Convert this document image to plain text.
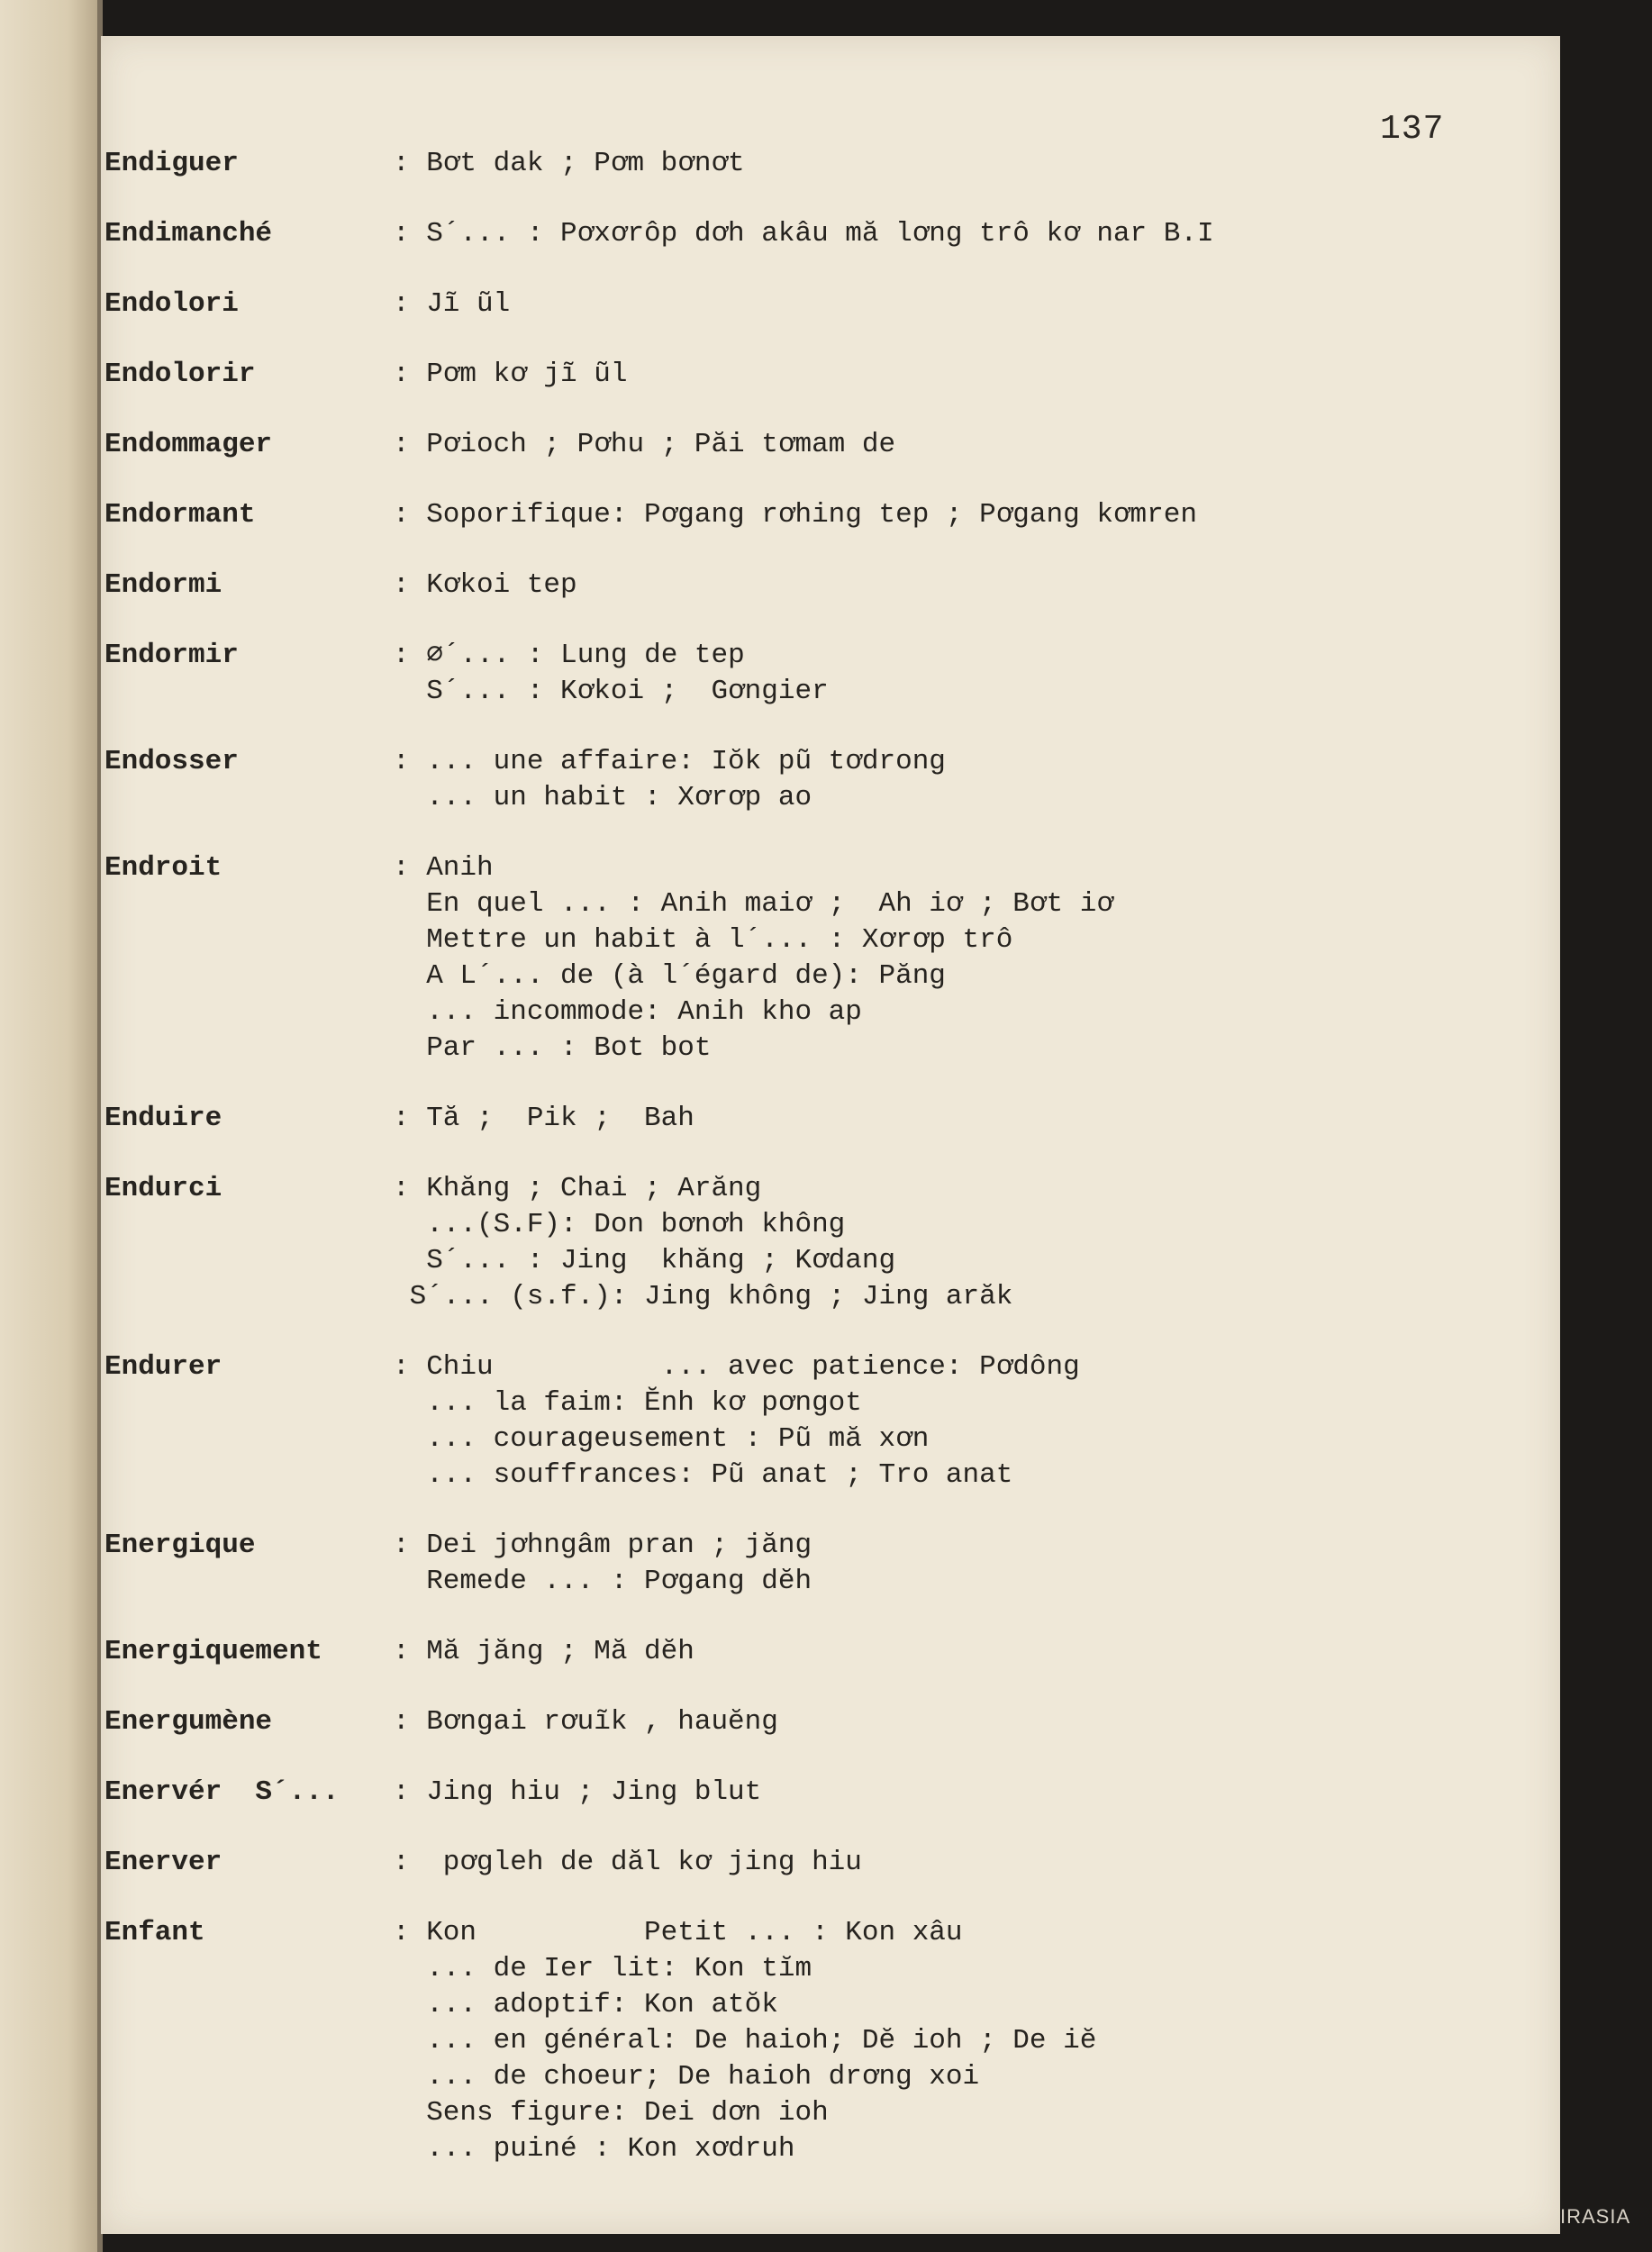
137
Endiguer	: Bơt dak ; Pơm bơnơt
Endimanché	: S´... : Pơxơrôp dơh akâu mă lơng trô kơ nar B.I
Endolori	: Jĩ ũl
Endolorir	: Pơm kơ jĩ ũl
Endommager	: Pơioch ; Pơhu ; Păi tơmam de
Endormant	: Soporifique: Pơgang rơhing tep ; Pơgang kơmren
Endormi	: Kơkoi tep
Endormir	: ∅´... : Lung de tep
S´... : Kơkoi ;  Gơngier
Endosser	: ... une affaire: Iŏk pũ tơdrong
... un habit : Xơrơp ao
Endroit	: Anih
En quel ... : Anih maiơ ;  Ah iơ ; Bơt iơ
Mettre un habit à l´... : Xơrơp trô
A L´... de (à l´égard de): Păng
... incommode: Anih kho ap
Par ... : Bot bot
Enduire	: Tă ;  Pik ;  Bah
Endurci	: Khăng ; Chai ; Arăng
...(S.F): Don bơnơh không
S´... : Jing  khăng ; Kơdang
S´... (s.f.): Jing không ; Jing arăk
Endurer	: Chiu          ... avec patience: Pơdông
... la faim: Ĕnh kơ pơngot
... courageusement : Pũ mă xơn
... souffrances: Pũ anat ; Tro anat
Energique	: Dei jơhngâm pran ; jăng
Remede ... : Pơgang dĕh
Energiquement	: Mă jăng ; Mă dĕh
Energumène	: Bơngai rơuĩk , hauĕng
Enervér  S´...	: Jing hiu ; Jing blut
Enerver	:  pơgleh de dăl kơ jing hiu
Enfant	: Kon          Petit ... : Kon xâu
... de Ier lit: Kon tĭm
... adoptif: Kon atŏk
... en général: De haioh; Dĕ ioh ; De iĕ
... de choeur; De haioh drơng xoi
Sens figure: Dei dơn ioh
... puiné : Kon xơdruh
IRASIA
